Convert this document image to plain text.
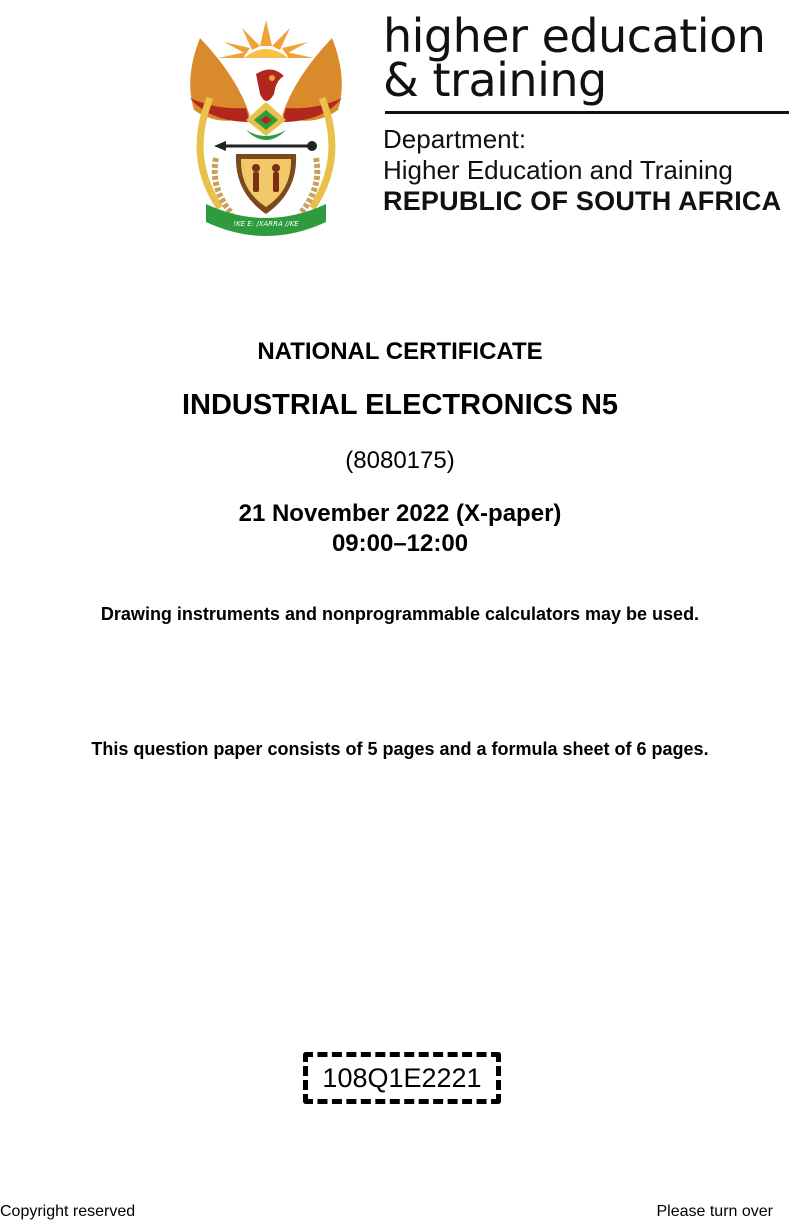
!KE E: /XARRA //KE
higher education
& training
Department:
Higher Education and Training
REPUBLIC OF SOUTH AFRICA
NATIONAL CERTIFICATE
INDUSTRIAL ELECTRONICS N5
(8080175)
21 November 2022 (X-paper)
09:00–12:00
Drawing instruments and nonprogrammable calculators may be used.
This question paper consists of 5 pages and a formula sheet of 6 pages.
108Q1E2221
Copyright reserved	Please turn over
